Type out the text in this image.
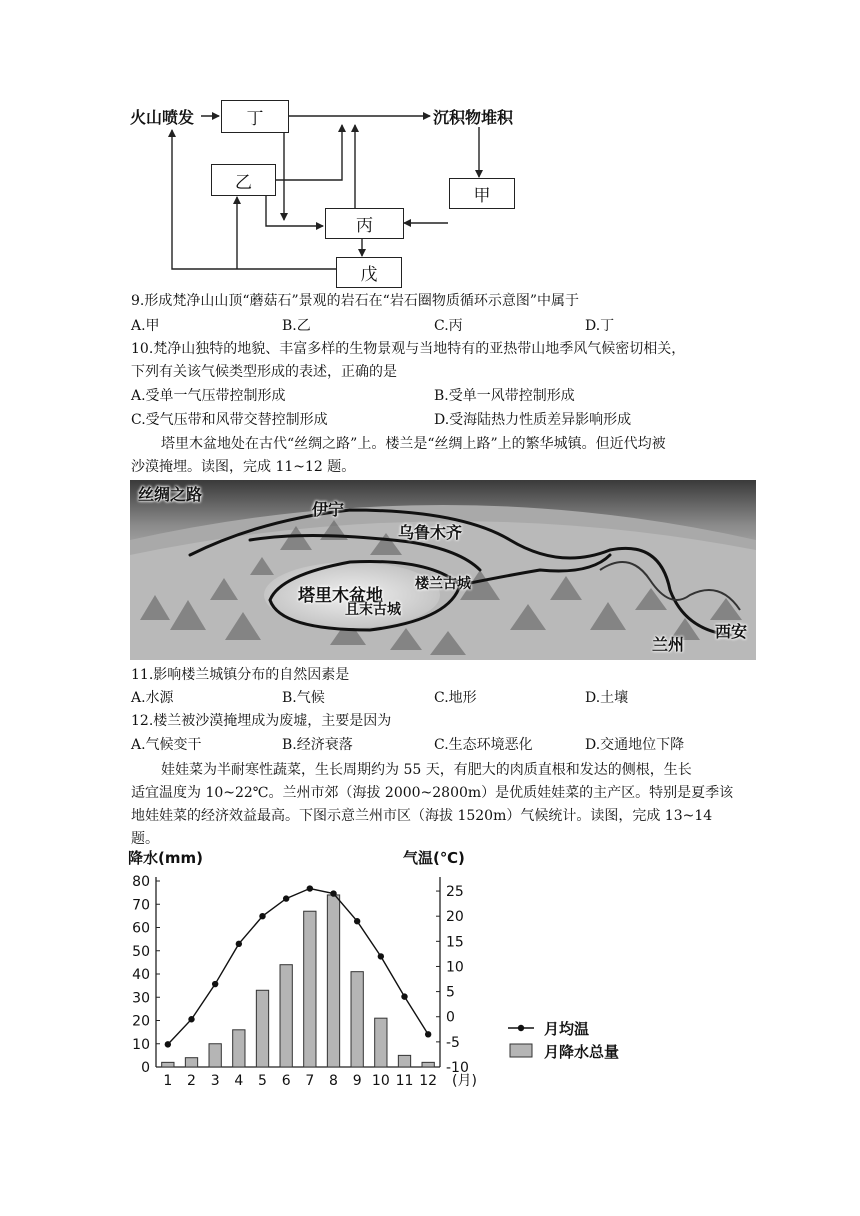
火山喷发	丁	沉积物堆积
乙
甲
丙
戊
9.形成梵净山山顶“蘑菇石”景观的岩石在“岩石圈物质循环示意图”中属于
A.甲	B.乙	C.丙	D.丁
10.梵净山独特的地貌、丰富多样的生物景观与当地特有的亚热带山地季风气候密切相关，
下列有关该气候类型形成的表述，正确的是
A.受单一气压带控制形成	B.受单一风带控制形成
C.受气压带和风带交替控制形成	D.受海陆热力性质差异影响形成
塔里木盆地处在古代“丝绸之路”上。楼兰是“丝绸上路”上的繁华城镇。但近代均被
沙漠掩埋。读图，完成 11~12 题。
丝绸之路
伊宁
乌鲁木齐
塔里木盆地
楼兰古城
且末古城
兰州
西安
11.影响楼兰城镇分布的自然因素是
A.水源	B.气候	C.地形	D.土壤
12.楼兰被沙漠掩埋成为废墟，主要是因为
A.气候变干	B.经济衰落	C.生态环境恶化	D.交通地位下降
娃娃菜为半耐寒性蔬菜，生长周期约为 55 天，有肥大的肉质直根和发达的侧根，生长
适宜温度为 10~22℃。兰州市郊（海拔 2000~2800m）是优质娃娃菜的主产区。特别是夏季该
地娃娃菜的经济效益最高。下图示意兰州市区（海拔 1520m）气候统计。读图，完成 13~14
题。
降水(mm)	气温(℃)
80
70
60
50
40
30
20
10
0
25
20
15
10
5
0
-5
-10
1 2 3 4 5 6 7 8 9 10 11 12 (月)
月均温
月降水总量
